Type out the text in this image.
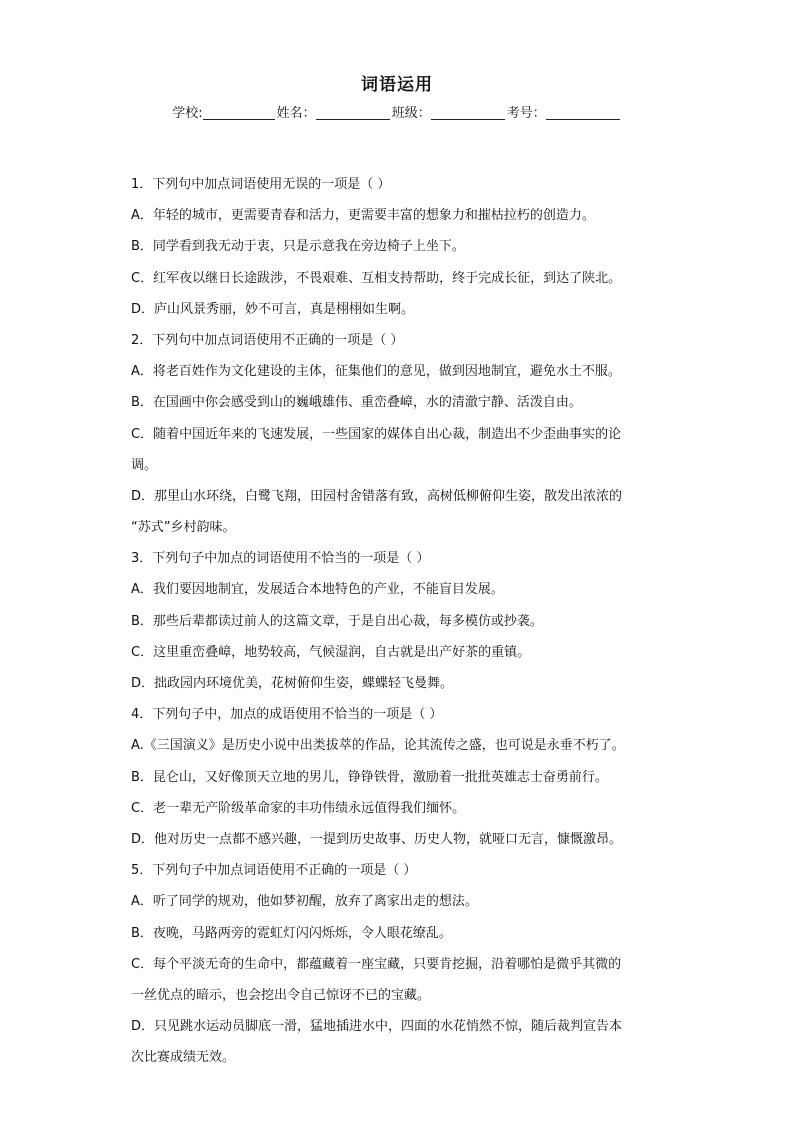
词语运用
学校:	姓名：	班级：	考号：
1．下列句中加点词语使用无误的一项是（ ）
A．年轻的城市，更需要青春和活力，更需要丰富的想象力和摧枯拉朽的创造力。
B．同学看到我无动于衷，只是示意我在旁边椅子上坐下。
C．红军夜以继日长途跋涉，不畏艰难、互相支持帮助，终于完成长征，到达了陕北。
D．庐山风景秀丽，妙不可言，真是栩栩如生啊。
2．下列句中加点词语使用不正确的一项是（ ）
A．将老百姓作为文化建设的主体，征集他们的意见，做到因地制宜，避免水土不服。
B．在国画中你会感受到山的巍峨雄伟、重峦叠嶂，水的清澈宁静、活泼自由。
C．随着中国近年来的飞速发展，一些国家的媒体自出心裁，制造出不少歪曲事实的论
调。
D．那里山水环绕，白鹭飞翔，田园村舍错落有致，高树低柳俯仰生姿，散发出浓浓的
“苏式”乡村韵味。
3．下列句子中加点的词语使用不恰当的一项是（ ）
A．我们要因地制宜，发展适合本地特色的产业，不能盲目发展。
B．那些后辈都读过前人的这篇文章，于是自出心裁，每多模仿或抄袭。
C．这里重峦叠嶂，地势较高，气候湿润，自古就是出产好茶的重镇。
D．拙政园内环境优美，花树俯仰生姿，蝶蝶轻飞曼舞。
4．下列句子中，加点的成语使用不恰当的一项是（ ）
A.《三国演义》是历史小说中出类拔萃的作品，论其流传之盛，也可说是永垂不朽了。
B．昆仑山，又好像顶天立地的男儿，铮铮铁骨，激励着一批批英雄志士奋勇前行。
C．老一辈无产阶级革命家的丰功伟绩永远值得我们缅怀。
D．他对历史一点都不感兴趣，一提到历史故事、历史人物，就哑口无言，慷慨激昂。
5．下列句子中加点词语使用不正确的一项是（ ）
A．听了同学的规劝，他如梦初醒，放弃了离家出走的想法。
B．夜晚，马路两旁的霓虹灯闪闪烁烁，令人眼花缭乱。
C．每个平淡无奇的生命中，都蕴藏着一座宝藏，只要肯挖掘，沿着哪怕是微乎其微的
一丝优点的暗示，也会挖出令自己惊讶不已的宝藏。
D．只见跳水运动员脚底一滑，猛地插进水中，四面的水花悄然不惊，随后裁判宣告本
次比赛成绩无效。
